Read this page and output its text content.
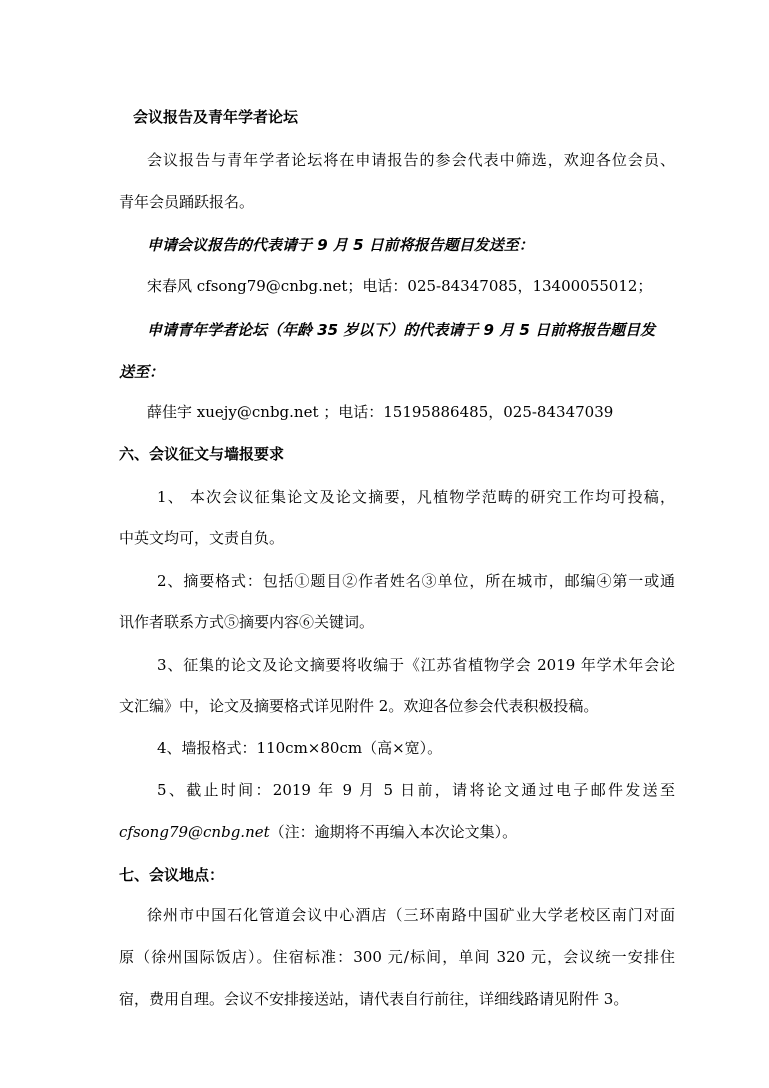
会议报告及青年学者论坛
会议报告与青年学者论坛将在申请报告的参会代表中筛选，欢迎各位会员、
青年会员踊跃报名。
申请会议报告的代表请于 9 月 5 日前将报告题目发送至：
宋春风 cfsong79@cnbg.net；电话：025-84347085，13400055012；
申请青年学者论坛（年龄 35 岁以下）的代表请于 9 月 5 日前将报告题目发
送至：
薛佳宇 xuejy@cnbg.net ；电话：15195886485，025-84347039
六、会议征文与墙报要求
1、 本次会议征集论文及论文摘要，凡植物学范畴的研究工作均可投稿，
中英文均可，文责自负。
2、摘要格式：包括①题目②作者姓名③单位，所在城市，邮编④第一或通
讯作者联系方式⑤摘要内容⑥关键词。
3、征集的论文及论文摘要将收编于《江苏省植物学会 2019 年学术年会论
文汇编》中，论文及摘要格式详见附件 2。欢迎各位参会代表积极投稿。
4、墙报格式：110cm×80cm（高×宽）。
5、截止时间：2019 年 9 月 5 日前，请将论文通过电子邮件发送至
cfsong79@cnbg.net（注：逾期将不再编入本次论文集）。
七、会议地点：
徐州市中国石化管道会议中心酒店（三环南路中国矿业大学老校区南门对面
原（徐州国际饭店）。住宿标准：300 元/标间，单间 320 元，会议统一安排住
宿，费用自理。会议不安排接送站，请代表自行前往，详细线路请见附件 3。
